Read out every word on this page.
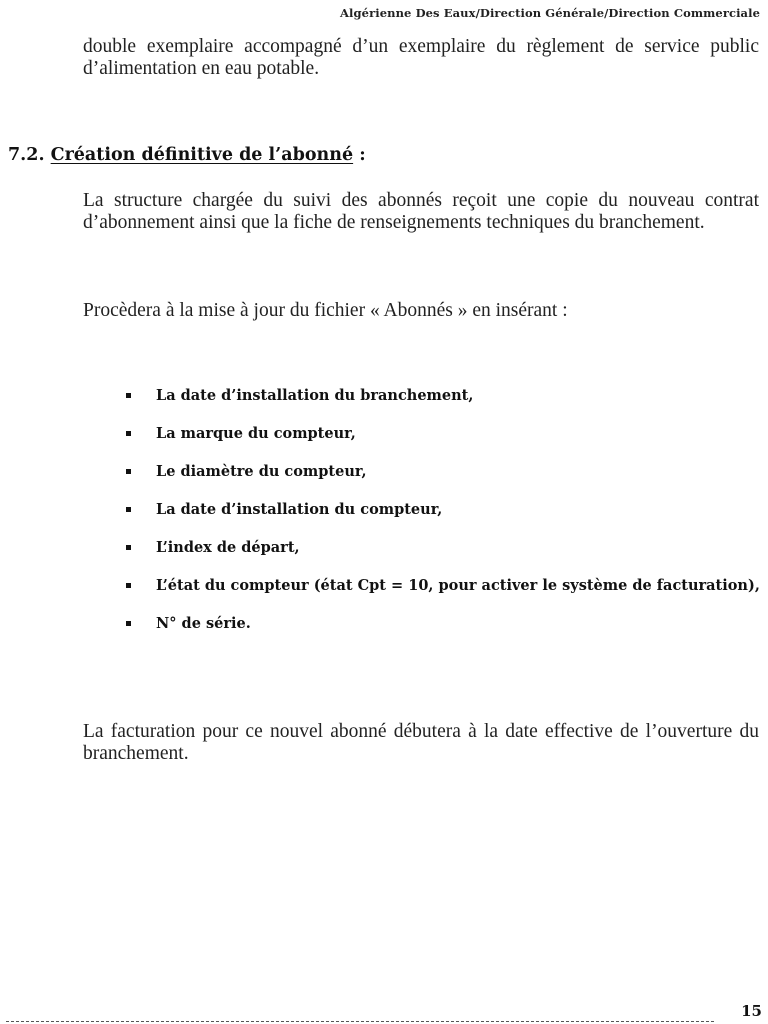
Algérienne Des Eaux/Direction Générale/Direction Commerciale

double exemplaire accompagné d’un exemplaire du règlement de service public d’alimentation en eau potable.

7.2. Création définitive de l’abonné :

La structure chargée du suivi des abonnés reçoit une copie du nouveau contrat d’abonnement ainsi que la fiche de renseignements techniques du branchement.

Procèdera à la mise à jour du fichier « Abonnés » en insérant :

La date d’installation du branchement,
La marque du compteur,
Le diamètre du compteur,
La date d’installation du compteur,
L’index de départ,
L’état du compteur (état Cpt = 10, pour activer le système de facturation),
N° de série.

La facturation pour ce nouvel abonné débutera à la date effective de l’ouverture du branchement.

15
